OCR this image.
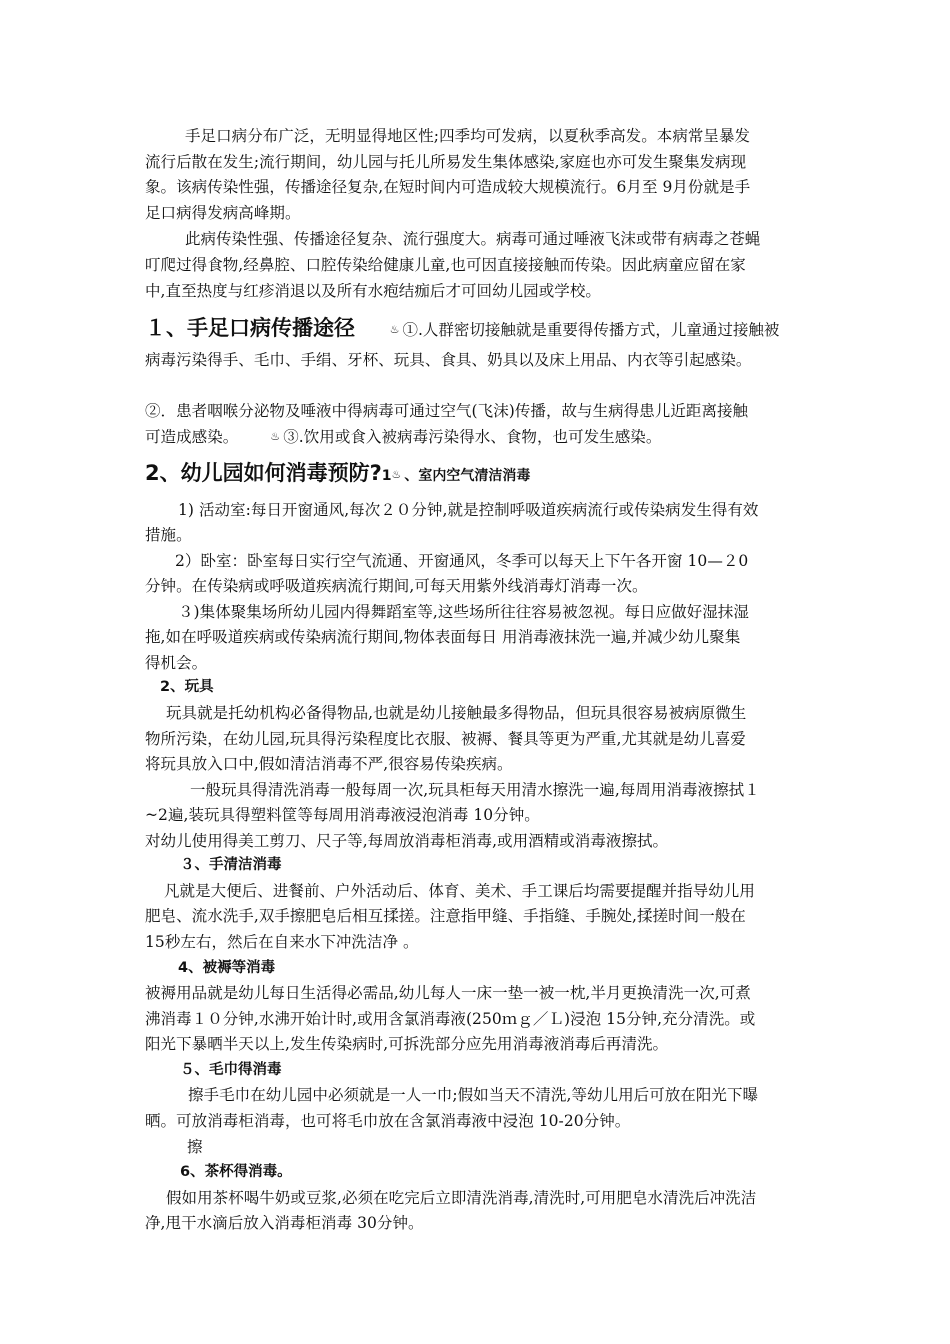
手足口病分布广泛，无明显得地区性;四季均可发病，以夏秋季高发。本病常呈暴发
流行后散在发生;流行期间，幼儿园与托儿所易发生集体感染,家庭也亦可发生聚集发病现
象。该病传染性强，传播途径复杂,在短时间内可造成较大规模流行。6月至 9月份就是手
足口病得发病高峰期。
此病传染性强、传播途径复杂、流行强度大。病毒可通过唾液飞沫或带有病毒之苍蝇
叮爬过得食物,经鼻腔、口腔传染给健康儿童,也可因直接接触而传染。因此病童应留在家
中,直至热度与红疹消退以及所有水疱结痂后才可回幼儿园或学校。
１、手足口病传播途径	♨ ①.人群密切接触就是重要得传播方式，儿童通过接触被
病毒污染得手、毛巾、手绢、牙杯、玩具、食具、奶具以及床上用品、内衣等引起感染。
②．患者咽喉分泌物及唾液中得病毒可通过空气(飞沫)传播，故与生病得患儿近距离接触
可造成感染。	♨ ③.饮用或食入被病毒污染得水、食物，也可发生感染。
2、幼儿园如何消毒预防?1♨ 、室内空气清洁消毒
1) 活动室:每日开窗通风,每次２０分钟,就是控制呼吸道疾病流行或传染病发生得有效
措施。
2）卧室：卧室每日实行空气流通、开窗通风，冬季可以每天上下午各开窗 10—２0
分钟。在传染病或呼吸道疾病流行期间,可每天用紫外线消毒灯消毒一次。
３)集体聚集场所幼儿园内得舞蹈室等,这些场所往往容易被忽视。每日应做好湿抹湿
拖,如在呼吸道疾病或传染病流行期间,物体表面每日 用消毒液抹洗一遍,并减少幼儿聚集
得机会。
2、玩具
玩具就是托幼机构必备得物品,也就是幼儿接触最多得物品，但玩具很容易被病原微生
物所污染，在幼儿园,玩具得污染程度比衣服、被褥、餐具等更为严重,尤其就是幼儿喜爱
将玩具放入口中,假如清洁消毒不严,很容易传染疾病。
一般玩具得清洗消毒一般每周一次,玩具柜每天用清水擦洗一遍,每周用消毒液擦拭１
~2遍,装玩具得塑料筐等每周用消毒液浸泡消毒 10分钟。
对幼儿使用得美工剪刀、尺子等,每周放消毒柜消毒,或用酒精或消毒液擦拭。
３、手清洁消毒
凡就是大便后、进餐前、户外活动后、体育、美术、手工课后均需要提醒并指导幼儿用
肥皂、流水洗手,双手擦肥皂后相互揉搓。注意指甲缝、手指缝、手腕处,揉搓时间一般在
15秒左右，然后在自来水下冲洗洁净 。
4、被褥等消毒
被褥用品就是幼儿每日生活得必需品,幼儿每人一床一垫一被一枕,半月更换清洗一次,可煮
沸消毒１０分钟,水沸开始计时,或用含氯消毒液(250ｍｇ／Ｌ)浸泡 15分钟,充分清洗。或
阳光下暴晒半天以上,发生传染病时,可拆洗部分应先用消毒液消毒后再清洗。
５、毛巾得消毒
擦手毛巾在幼儿园中必须就是一人一巾;假如当天不清洗,等幼儿用后可放在阳光下曝
晒。可放消毒柜消毒，也可将毛巾放在含氯消毒液中浸泡 10-20分钟。
擦
6、茶杯得消毒。
假如用茶杯喝牛奶或豆浆,必须在吃完后立即清洗消毒,清洗时,可用肥皂水清洗后冲洗洁
净,甩干水滴后放入消毒柜消毒 30分钟。
